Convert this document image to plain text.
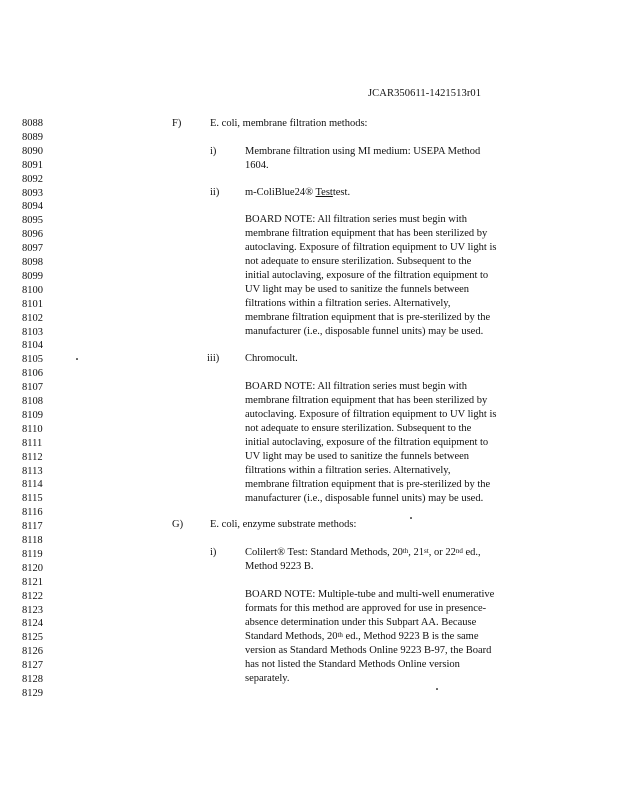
JCAR350611-1421513r01
8088
8089
8090
8091
8092
8093
8094
8095
8096
8097
8098
8099
8100
8101
8102
8103
8104
8105
8106
8107
8108
8109
8110
8111
8112
8113
8114
8115
8116
8117
8118
8119
8120
8121
8122
8123
8124
8125
8126
8127
8128
8129
F)	E. coli, membrane filtration methods:
i)	Membrane filtration using MI medium: USEPA Method
1604.
ii) m-ColiBlue24® Testtest.
BOARD NOTE: All filtration series must begin with
membrane filtration equipment that has been sterilized by
autoclaving. Exposure of filtration equipment to UV light is
not adequate to ensure sterilization. Subsequent to the
initial autoclaving, exposure of the filtration equipment to
UV light may be used to sanitize the funnels between
filtrations within a filtration series. Alternatively,
membrane filtration equipment that is pre-sterilized by the
manufacturer (i.e., disposable funnel units) may be used.
iii) Chromocult.
BOARD NOTE: All filtration series must begin with
membrane filtration equipment that has been sterilized by
autoclaving. Exposure of filtration equipment to UV light is
not adequate to ensure sterilization. Subsequent to the
initial autoclaving, exposure of the filtration equipment to
UV light may be used to sanitize the funnels between
filtrations within a filtration series. Alternatively,
membrane filtration equipment that is pre-sterilized by the
manufacturer (i.e., disposable funnel units) may be used.
G)	E. coli, enzyme substrate methods:
i)	Colilert® Test: Standard Methods, 20th, 21st, or 22nd ed.,
Method 9223 B.
BOARD NOTE: Multiple-tube and multi-well enumerative
formats for this method are approved for use in presence-
absence determination under this Subpart AA. Because
Standard Methods, 20th ed., Method 9223 B is the same
version as Standard Methods Online 9223 B-97, the Board
has not listed the Standard Methods Online version
separately.
